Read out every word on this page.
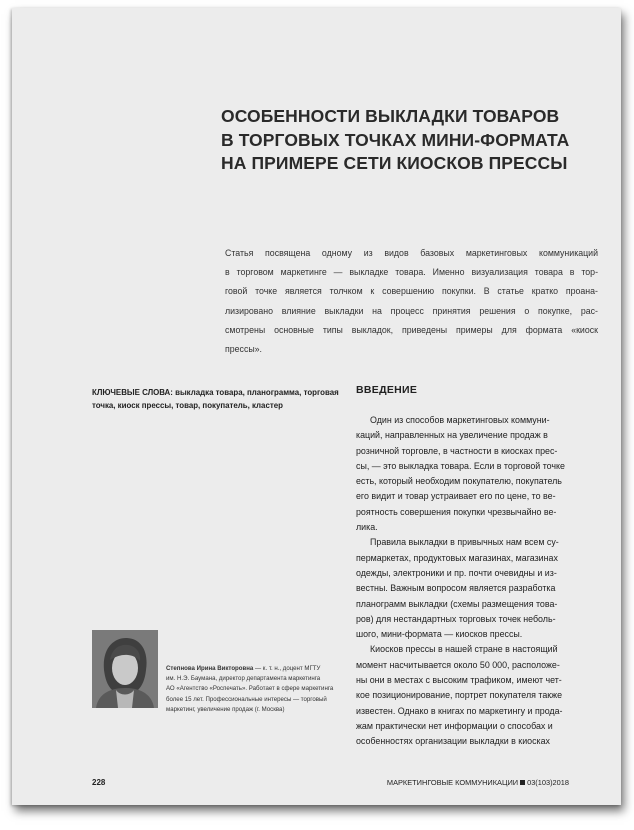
ОСОБЕННОСТИ ВЫКЛАДКИ ТОВАРОВ
В ТОРГОВЫХ ТОЧКАХ МИНИ-ФОРМАТА
НА ПРИМЕРЕ СЕТИ КИОСКОВ ПРЕССЫ
Статья посвящена одному из видов базовых маркетинговых коммуникаций
в торговом маркетинге — выкладке товара. Именно визуализация товара в тор-
говой точке является толчком к совершению покупки. В статье кратко проана-
лизировано влияние выкладки на процесс принятия решения о покупке, рас-
смотрены основные типы выкладок, приведены примеры для формата «киоск
прессы».
КЛЮЧЕВЫЕ СЛОВА: выкладка товара, планограмма, торговая
точка, киоск прессы, товар, покупатель, кластер
ВВЕДЕНИЕ
Один из способов маркетинговых коммуни-
каций, направленных на увеличение продаж в
розничной торговле, в частности в киосках прес-
сы, — это выкладка товара. Если в торговой точке
есть, который необходим покупателю, покупатель
его видит и товар устраивает его по цене, то ве-
роятность совершения покупки чрезвычайно ве-
лика.
Правила выкладки в привычных нам всем су-
пермаркетах, продуктовых магазинах, магазинах
одежды, электроники и пр. почти очевидны и из-
вестны. Важным вопросом является разработка
планограмм выкладки (схемы размещения това-
ров) для нестандартных торговых точек неболь-
шого, мини-формата — киосков прессы.
Киосков прессы в нашей стране в настоящий
момент насчитывается около 50 000, расположе-
ны они в местах с высоким трафиком, имеют чет-
кое позиционирование, портрет покупателя также
известен. Однако в книгах по маркетингу и прода-
жам практически нет информации о способах и
особенностях организации выкладки в киосках
Степнова Ирина Викторовна — к. т. н., доцент МГТУ
им. Н.Э. Баумана, директор департамента маркетинга
АО «Агентство «Роспечать». Работает в сфере маркетинга
более 15 лет. Профессиональные интересы — торговый
маркетинг, увеличение продаж (г. Москва)
228	МАРКЕТИНГОВЫЕ КОММУНИКАЦИИ 03(103)2018
